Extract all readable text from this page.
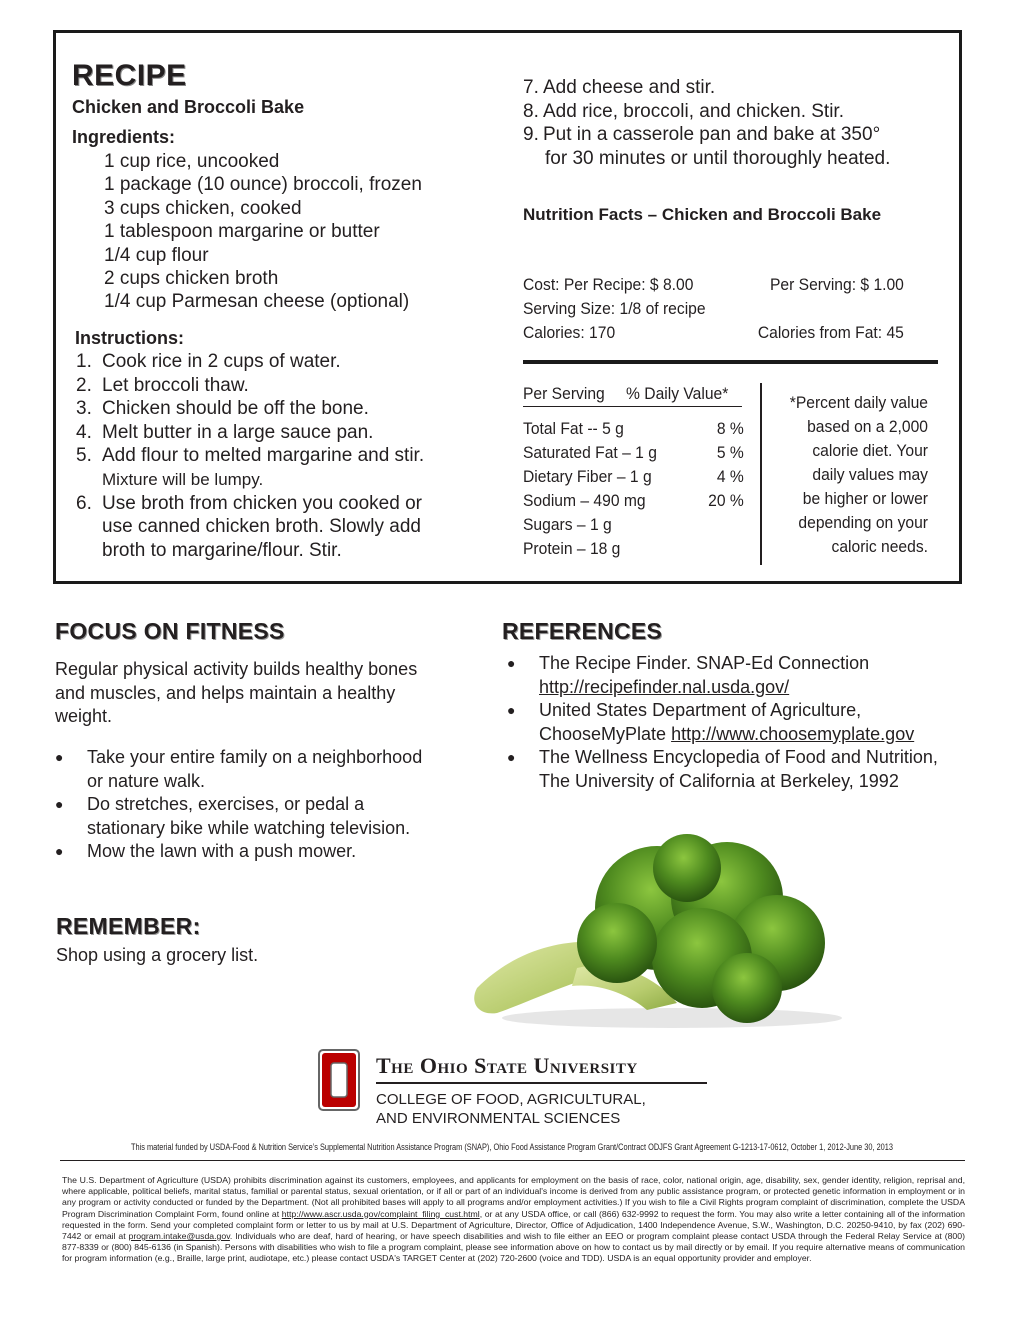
RECIPE
Chicken and Broccoli Bake
Ingredients:
1 cup rice, uncooked
1 package (10 ounce) broccoli, frozen
3 cups chicken, cooked
1 tablespoon margarine or butter
1/4 cup flour
2 cups chicken broth
1/4 cup Parmesan cheese (optional)
Instructions:
1. Cook rice in 2 cups of water.
2. Let broccoli thaw.
3. Chicken should be off the bone.
4. Melt butter in a large sauce pan.
5. Add flour to melted margarine and stir.
Mixture will be lumpy.
6. Use broth from chicken you cooked or
use canned chicken broth. Slowly add
broth to margarine/flour. Stir.
7. Add cheese and stir.
8. Add rice, broccoli, and chicken. Stir.
9. Put in a casserole pan and bake at 350°
for 30 minutes or until thoroughly heated.
Nutrition Facts – Chicken and Broccoli Bake
Cost: Per Recipe: $ 8.00	Per Serving: $ 1.00
Serving Size: 1/8 of recipe
Calories: 170	Calories from Fat: 45
Per Serving	% Daily Value*
Total Fat -- 5 g	8 %
Saturated Fat – 1 g	5 %
Dietary Fiber – 1 g	4 %
Sodium – 490 mg	20 %
Sugars – 1 g
Protein – 18 g
*Percent daily value
based on a 2,000
calorie diet. Your
daily values may
be higher or lower
depending on your
caloric needs.
FOCUS ON FITNESS
Regular physical activity builds healthy bones
and muscles, and helps maintain a healthy
weight.
●	Take your entire family on a neighborhood
or nature walk.
●	Do stretches, exercises, or pedal a
stationary bike while watching television.
●	Mow the lawn with a push mower.
REMEMBER:
Shop using a grocery list.
REFERENCES
●	The Recipe Finder. SNAP-Ed Connection
http://recipefinder.nal.usda.gov/
●	United States Department of Agriculture,
ChooseMyPlate http://www.choosemyplate.gov
●	The Wellness Encyclopedia of Food and Nutrition,
The University of California at Berkeley, 1992
The Ohio State University
COLLEGE OF FOOD, AGRICULTURAL,
AND ENVIRONMENTAL SCIENCES
This material funded by USDA-Food & Nutrition Service’s Supplemental Nutrition Assistance Program (SNAP), Ohio Food Assistance Program Grant/Contract ODJFS Grant Agreement G-1213-17-0612, October 1, 2012-June 30, 2013
The U.S. Department of Agriculture (USDA) prohibits discrimination against its customers, employees, and applicants for employment on the basis of race, color, national origin, age, disability, sex, gender identity, religion, reprisal and, where applicable, political beliefs, marital status, familial or parental status, sexual orientation, or if all or part of an individual's income is derived from any public assistance program, or protected genetic information in employment or in any program or activity conducted or funded by the Department. (Not all prohibited bases will apply to all programs and/or employment activities.) If you wish to file a Civil Rights program complaint of discrimination, complete the USDA Program Discrimination Complaint Form, found online at http://www.ascr.usda.gov/complaint_filing_cust.html, or at any USDA office, or call (866) 632-9992 to request the form. You may also write a letter containing all of the information requested in the form. Send your completed complaint form or letter to us by mail at U.S. Department of Agriculture, Director, Office of Adjudication, 1400 Independence Avenue, S.W., Washington, D.C. 20250-9410, by fax (202) 690-7442 or email at program.intake@usda.gov. Individuals who are deaf, hard of hearing, or have speech disabilities and wish to file either an EEO or program complaint please contact USDA through the Federal Relay Service at (800) 877-8339 or (800) 845-6136 (in Spanish). Persons with disabilities who wish to file a program complaint, please see information above on how to contact us by mail directly or by email. If you require alternative means of communication for program information (e.g., Braille, large print, audiotape, etc.) please contact USDA's TARGET Center at (202) 720-2600 (voice and TDD). USDA is an equal opportunity provider and employer.
